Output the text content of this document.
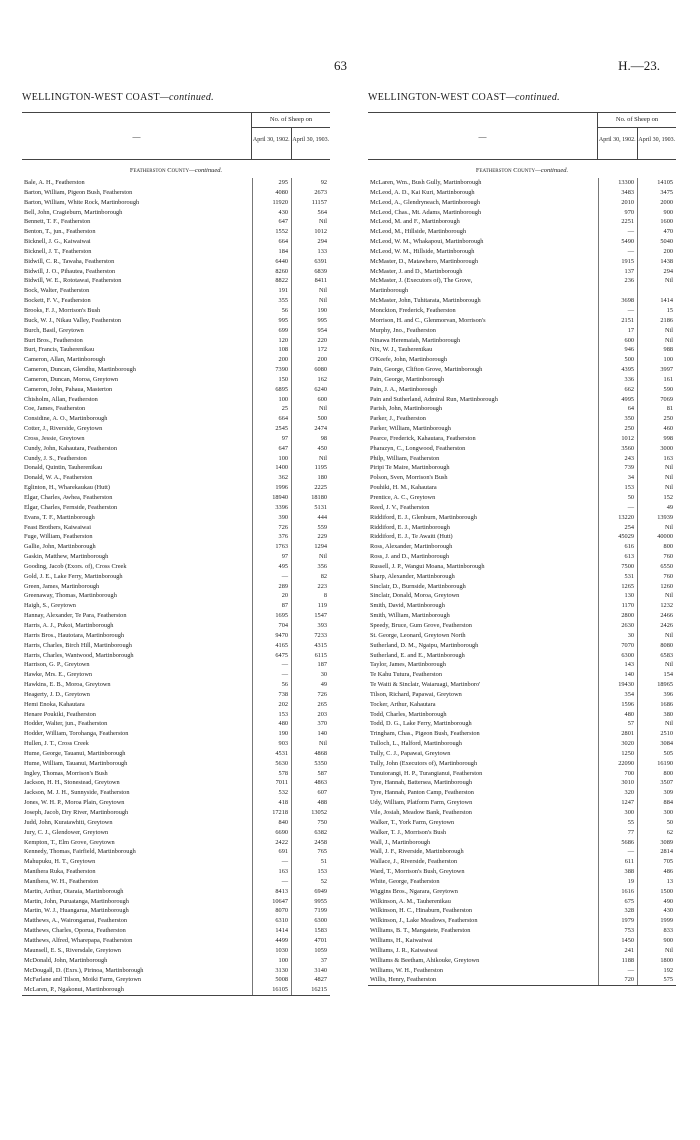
63	H.—23.
WELLINGTON-WEST COAST—continued.	WELLINGTON-WEST COAST—continued.
—
No. of Sheep on
April 30, 1902. April 30, 1903.
Featherston County—continued.
Bale, A. H., Featherston	295	92
Barton, William, Pigeon Bush, Featherston	4080	2673
Barton, William, White Rock, Martinborough	11920	11157
Bell, John, Cragieburn, Martinborough	430	564
Bennett, T. F., Featherston	647	Nil
Benton, T., jun., Featherston	1552	1012
Bicknell, J. G., Kaiwaiwai	664	294
Bicknell, J. T., Featherston	184	133
Bidwill, C. R., Tawaha, Featherston	6440	6391
Bidwill, J. O., Pihautea, Featherston	8260	6839
Bidwill, W. E., Rototawai, Featherston	8822	8411
Bock, Walter, Featherston	191	Nil
Bockett, F. V., Featherston	355	Nil
Brooks, F. J., Morrison's Bush	56	190
Buck, W. J., Nikau Valley, Featherston	995	995
Burch, Basil, Greytown	699	954
Burt Bros., Featherston	120	220
Burt, Francis, Tauherenikau	108	172
Cameron, Allan, Martinborough	200	200
Cameron, Duncan, Glendhu, Martinborough	7390	6080
Cameron, Duncan, Moroa, Greytown	150	162
Cameron, John, Pahaua, Masterton	6895	6240
Chisholm, Allan, Featherston	100	600
Coe, James, Featherston	25	Nil
Considine, A. O., Martinborough	664	500
Cotter, J., Riverside, Greytown	2545	2474
Cross, Jessie, Greytown	97	98
Cundy, John, Kahautara, Featherston	647	450
Cundy, J. S., Featherston	100	Nil
Donald, Quintin, Tauherenikau	1400	1195
Donald, W. A., Featherston	362	180
Eglinton, H., Wharekaukau (Hutt)	1996	2225
Elgar, Charles, Awhea, Featherston	18940	18180
Elgar, Charles, Fernside, Featherston	3396	5131
Evans, T. F., Martinborough	390	444
Feast Brothers, Kaiwaiwai	726	559
Fuge, William, Featherston	376	229
Gallie, John, Martinborough	1763	1294
Gaskin, Matthew, Martinborough	97	Nil
Gooding, Jacob (Exors. of), Cross Creek	495	356
Gold, J. E., Lake Ferry, Martinborough	—	82
Green, James, Martinborough	289	223
Greenaway, Thomas, Martinborough	20	8
Haigh, S., Greytown	87	119
Hannay, Alexander, Te Para, Featherston	1695	1547
Harris, A. J., Pukoi, Martinborough	704	393
Harris Bros., Hautotara, Martinborough	9470	7233
Harris, Charles, Birch Hill, Martinborough	4165	4315
Harris, Charles, Wantwood, Martinborough	6475	6115
Harrison, G. P., Greytown	—	187
Hawke, Mrs. E., Greytown	—	30
Hawkins, E. B., Moroa, Greytown	56	49
Heagerty, J. D., Greytown	738	726
Hemi Enoka, Kahautara	202	265
Henare Poukiki, Featherston	153	203
Hodder, Walter, jun., Featherston	480	370
Hodder, William, Torohanga, Featherston	190	140
Hullen, J. T., Cross Creek	903	Nil
Hume, George, Tauanui, Martinborough	4531	4868
Hume, William, Tauanui, Martinborough	5630	5350
Ingley, Thomas, Morrison's Bush	578	587
Jackson, H. H., Stonestead, Greytown	7011	4863
Jackson, M. J. H., Sunnyside, Featherston	532	607
Jones, W. H. P., Moroa Plain, Greytown	418	488
Joseph, Jacob, Dry River, Martinborough	17218	13052
Judd, John, Kuratawhiti, Greytown	840	750
Jury, C. J., Glendower, Greytown	6690	6382
Kempton, T., Elm Grove, Greytown	2422	2458
Kennedy, Thomas, Fairfield, Martinborough	691	765
Mahupuku, H. T., Greytown	—	51
Manihera Ruka, Featherston	163	153
Manihera, W. H., Featherston	—	52
Martin, Arthur, Otaraia, Martinborough	8413	6949
Martin, John, Puruatanga, Martinborough	10647	9955
Martin, W. J., Huangarua, Martinborough	8070	7199
Matthews, A., Wairongamai, Featherston	6310	6300
Matthews, Charles, Oporua, Featherston	1414	1583
Matthews, Alfred, Wharepapa, Featherston	4499	4701
Maunsell, E. S., Riversdale, Greytown	1030	1059
McDonald, John, Martinborough	100	37
McDougall, D. (Exrs.), Pirinoa, Martinborough	3130	3140
McFarlane and Tilson, Moiki Farm, Greytown	5008	4827
McLaren, P., Ngakonui, Martinborough	16105	16215
—
No. of Sheep on
April 30, 1902. April 30, 1903.
Featherston County—continued.
McLaren, Wm., Bush Gully, Martinborough	13300	14105
McLeod, A. D., Kai Kuri, Martinborough	3483	3475
McLeod, A., Glendryneach, Martinborough	2010	2000
McLeod, Chas., Mt. Adams, Martinborough	970	900
McLeod, M. and F., Martinborough	2251	1600
McLeod, M., Hillside, Martinborough	—	470
McLeod, W. M., Whakapoui, Martinborough	5490	5040
McLeod, W. M., Hillside, Martinborough	—	200
McMaster, D., Matawhero, Martinborough	1915	1438
McMaster, J. and D., Martinborough	137	294
McMaster, J. (Executors of), The Grove,	236	Nil
Martinborough
McMaster, John, Tuhitarata, Martinborough	3698	1414
Monckton, Frederick, Featherston	—	15
Morrison, H. and C., Glenmorvan, Morrison's	2151	2186
Murphy, Jno., Featherston	17	Nil
Ninawa Heremaiah, Martinborough	600	Nil
Nix, W. J., Tauherenikau	946	988
O'Keefe, John, Martinborough	500	100
Pain, George, Clifton Grove, Martinborough	4395	3997
Pain, George, Martinborough	336	161
Pain, J. A., Martinborough	662	590
Pain and Sutherland, Admiral Run, Martinborough	4995	7069
Parish, John, Martinborough	64	81
Parker, J., Featherston	350	250
Parker, William, Martinborough	250	460
Pearce, Frederick, Kahautara, Featherston	1012	998
Pharazyn, C., Longwood, Featherston	3560	3000
Philp, William, Featherston	243	163
Piripi Te Maire, Martinborough	739	Nil
Polson, Sven, Morrison's Bush	34	Nil
Pouhiki, H. M., Kahautara	153	Nil
Prentice, A. C., Greytown	50	152
Reed, J. V., Featherston	—	49
Riddiford, E. J., Glenburn, Martinborough	13220	13939
Riddiford, E. J., Martinborough	254	Nil
Riddiford, E. J., Te Awaiti (Hutt)	45029	40000
Ross, Alexander, Martinborough	616	800
Ross, J. and D., Martinborough	613	760
Russell, J. P., Wangui Moana, Martinborough	7500	6550
Sharp, Alexander, Martinborough	531	760
Sinclair, D., Burnside, Martinborough	1265	1260
Sinclair, Donald, Moroa, Greytown	130	Nil
Smith, David, Martinborough	1170	1232
Smith, William, Martinborough	2800	2466
Speedy, Bruce, Gum Grove, Featherston	2630	2426
St. George, Leonard, Greytown North	30	Nil
Sutherland, D. M., Ngaipu, Martinborough	7070	8080
Sutherland, E. and E., Martinborough	6300	6583
Taylor, James, Martinborough	143	Nil
Te Kahu Tutura, Featherston	140	154
Te Waiti & Sinclair, Waiaruagi, Martinboro'	19430	18965
Tilson, Richard, Papawai, Greytown	354	396
Tocker, Arthur, Kahautara	1596	1686
Todd, Charles, Martinborough	480	380
Todd, D. G., Lake Ferry, Martinborough	57	Nil
Tringham, Chas., Pigeon Bush, Featherston	2801	2510
Tulloch, L., Halford, Martinborough	3020	3084
Tully, C. J., Papawai, Greytown	1250	505
Tully, John (Executors of), Martinborough	22090	16190
Tunuiorangi, H. P., Turangianui, Featherston	700	800
Tyre, Hannah, Battersea, Martinborough	3010	3507
Tyre, Hannah, Panton Camp, Featherston	320	309
Udy, William, Platform Farm, Greytown	1247	884
Vile, Josiah, Meadow Bank, Featherston	300	300
Walker, T., York Farm, Greytown	55	50
Walker, T. J., Morrison's Bush	77	62
Wall, J., Martinborough	5686	3089
Wall, J. F., Riverside, Martinborough	—	2814
Wallace, J., Riverside, Featherston	611	705
Ward, T., Morrison's Bush, Greytown	388	486
White, George, Featherston	19	13
Wiggins Bros., Ngarara, Greytown	1616	1500
Wilkinson, A. M., Tauherenikau	675	490
Wilkinson, H. C., Hinaburn, Featherston	328	430
Wilkinson, J., Lake Meadows, Featherston	1979	1999
Williams, B. T., Mangatete, Featherston	753	833
Williams, H., Kaiwaiwai	1450	900
Williams, J. R., Kaiwaiwai	241	Nil
Williams & Beetham, Ahikouke, Greytown	1188	1800
Williams, W. H., Featherston	—	192
Willis, Henry, Featherston	720	575
